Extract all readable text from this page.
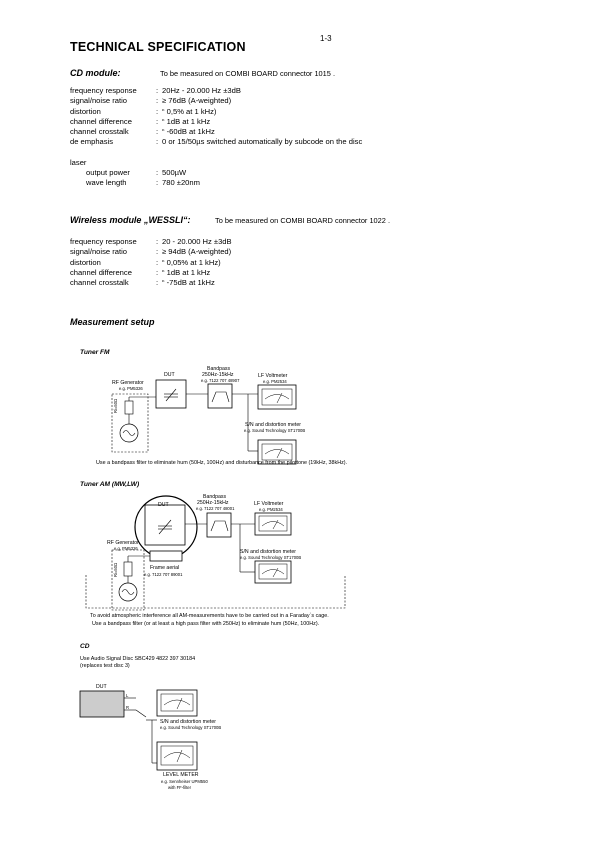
1-3
TECHNICAL SPECIFICATION
CD module:	To be measured on COMBI BOARD connector 1015 .
frequency response	: 20Hz - 20.000 Hz ±3dB
signal/noise ratio	: ≥ 76dB (A-weighted)
distortion	: “ 0,5% at 1 kHz)
channel difference	: “ 1dB at 1 kHz
channel crosstalk	: “ -60dB at 1kHz
de emphasis	: 0 or 15/50µs switched automatically by subcode on the disc
laser
output power	: 500µW
wave length	: 780 ±20nm
Wireless module „WESSLI“:	To be measured on COMBI BOARD connector 1022 .
frequency response	: 20 - 20.000 Hz ±3dB
signal/noise ratio	: ≥ 94dB (A-weighted)
distortion	: “ 0,05% at 1 kHz)
channel difference	: “ 1dB at 1 kHz
channel crosstalk	: “ -75dB at 1kHz
Measurement setup
Tuner FM
Bandpass
250Hz-15kHz
e.g. 7122 707 48907
DUT
RF Generator
e.g. PM5326
Ri=50Ω
LF Voltmeter
e.g. PM2534
S/N and distortion meter
e.g. Sound Technology ST1700B
Use a bandpass filter to eliminate hum (50Hz, 100Hz) and disturbance from the pilottone (19kHz, 38kHz).
Tuner AM (MW,LW)
DUT
Bandpass
250Hz-15kHz
e.g. 7122 707 48001
LF Voltmeter
e.g. PM2534
RF Generator
e.g. PM5326
Ri=50Ω	Frame aerial
e.g. 7122 707 89001
S/N and distortion meter
e.g. Sound Technology ST1700B
To avoid atmospheric interference all AM-measurements have to be carried out in a Faraday`s cage.
Use a bandpass filter (or at least a high pass filter with 250Hz) to eliminate hum (50Hz, 100Hz).
CD
Use Audio Signal Disc SBC429 4822 397 30184
(replaces test disc 3)
DUT
L
R
S/N and distortion meter
e.g. Sound Technology ST1700B
LEVEL METER
e.g. Sennheiser UPM550
with FF-filter
